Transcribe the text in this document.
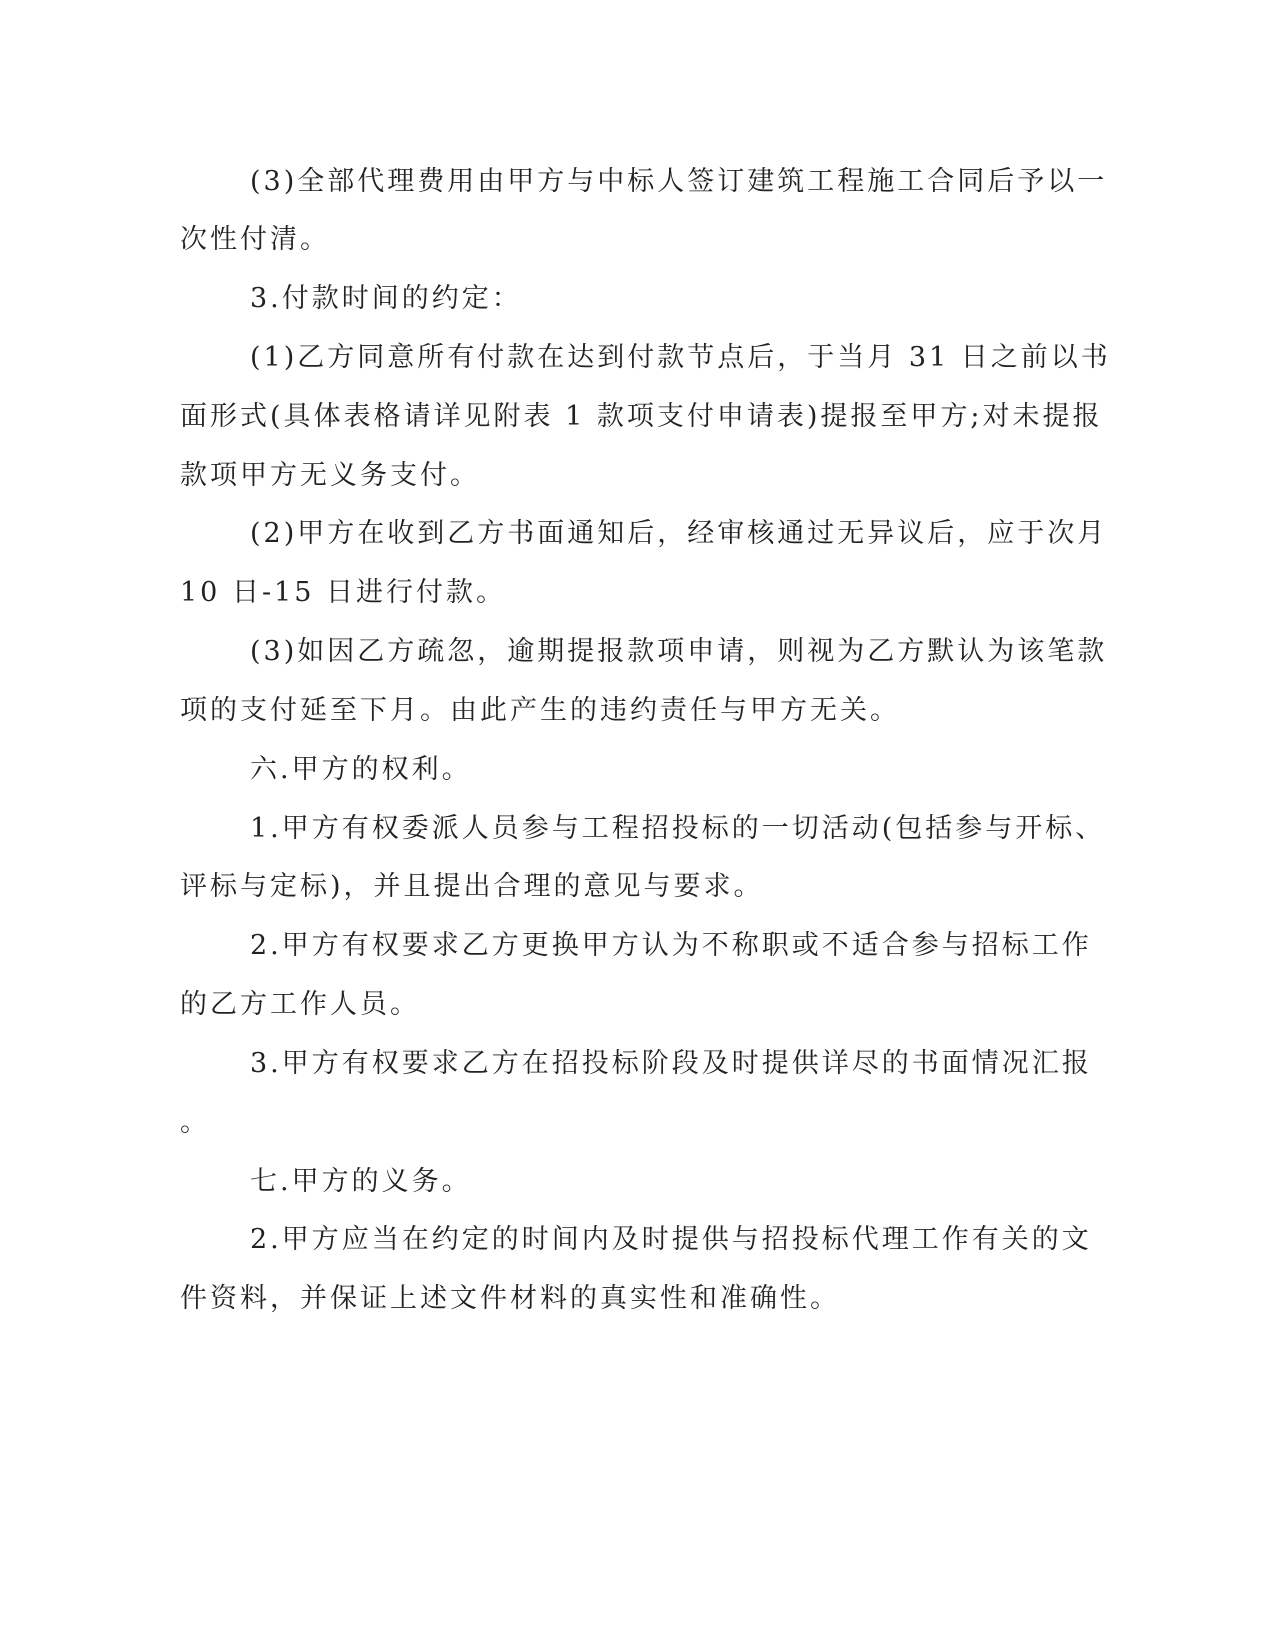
(3)全部代理费用由甲方与中标人签订建筑工程施工合同后予以一
次性付清。
3.付款时间的约定：
(1)乙方同意所有付款在达到付款节点后，于当月 31 日之前以书
面形式(具体表格请详见附表 1 款项支付申请表)提报至甲方;对未提报
款项甲方无义务支付。
(2)甲方在收到乙方书面通知后，经审核通过无异议后，应于次月
10 日-15 日进行付款。
(3)如因乙方疏忽，逾期提报款项申请，则视为乙方默认为该笔款
项的支付延至下月。由此产生的违约责任与甲方无关。
六.甲方的权利。
1.甲方有权委派人员参与工程招投标的一切活动(包括参与开标、
评标与定标)，并且提出合理的意见与要求。
2.甲方有权要求乙方更换甲方认为不称职或不适合参与招标工作
的乙方工作人员。
3.甲方有权要求乙方在招投标阶段及时提供详尽的书面情况汇报
。
七.甲方的义务。
2.甲方应当在约定的时间内及时提供与招投标代理工作有关的文
件资料，并保证上述文件材料的真实性和准确性。
